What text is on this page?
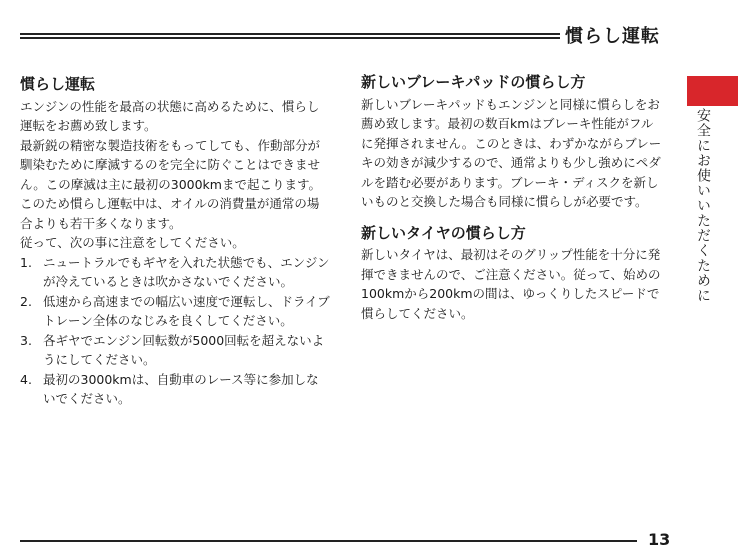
慣らし運転
安全にお使いいただくために
慣らし運転

エンジンの性能を最高の状態に高めるために、慣らし運転をお薦め致します。

最新鋭の精密な製造技術をもってしても、作動部分が馴染むために摩滅するのを完全に防ぐことはできません。この摩滅は主に最初の3000kmまで起こります。

このため慣らし運転中は、オイルの消費量が通常の場合よりも若干多くなります。

従って、次の事に注意をしてください。

1. ニュートラルでもギヤを入れた状態でも、エンジンが冷えているときは吹かさないでください。
2. 低速から高速までの幅広い速度で運転し、ドライブトレーン全体のなじみを良くしてください。
3. 各ギヤでエンジン回転数が5000回転を超えないようにしてください。
4. 最初の3000kmは、自動車のレース等に参加しないでください。
新しいブレーキパッドの慣らし方

新しいブレーキパッドもエンジンと同様に慣らしをお薦め致します。最初の数百kmはブレーキ性能がフルに発揮されません。このときは、わずかながらブレーキの効きが減少するので、通常よりも少し強めにペダルを踏む必要があります。ブレーキ・ディスクを新しいものと交換した場合も同様に慣らしが必要です。

新しいタイヤの慣らし方

新しいタイヤは、最初はそのグリップ性能を十分に発揮できませんので、ご注意ください。従って、始めの100kmから200kmの間は、ゆっくりしたスピードで慣らしてください。

13
